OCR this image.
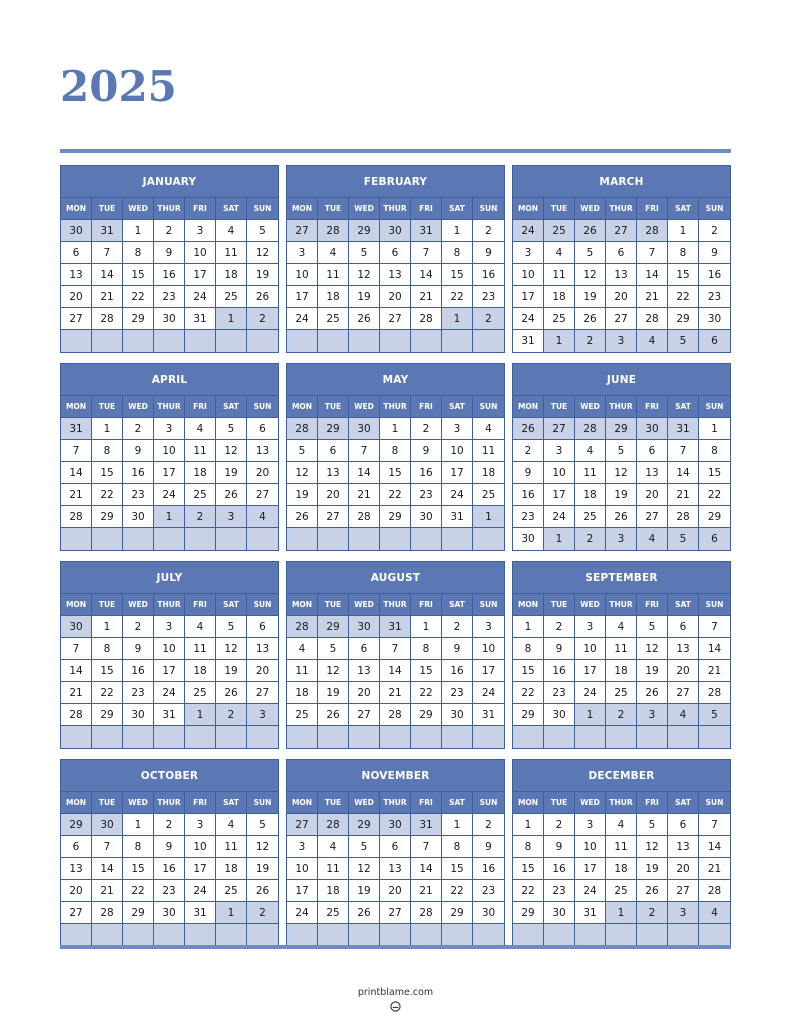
2025
JANUARY
MON	TUE	WED	THUR	FRI	SAT	SUN
30	31	1	2	3	4	5
6	7	8	9	10	11	12
13	14	15	16	17	18	19
20	21	22	23	24	25	26
27	28	29	30	31	1	2
FEBRUARY
MON	TUE	WED	THUR	FRI	SAT	SUN
27	28	29	30	31	1	2
3	4	5	6	7	8	9
10	11	12	13	14	15	16
17	18	19	20	21	22	23
24	25	26	27	28	1	2
MARCH
MON	TUE	WED	THUR	FRI	SAT	SUN
24	25	26	27	28	1	2
3	4	5	6	7	8	9
10	11	12	13	14	15	16
17	18	19	20	21	22	23
24	25	26	27	28	29	30
31	1	2	3	4	5	6
APRIL
MON	TUE	WED	THUR	FRI	SAT	SUN
31	1	2	3	4	5	6
7	8	9	10	11	12	13
14	15	16	17	18	19	20
21	22	23	24	25	26	27
28	29	30	1	2	3	4
MAY
MON	TUE	WED	THUR	FRI	SAT	SUN
28	29	30	1	2	3	4
5	6	7	8	9	10	11
12	13	14	15	16	17	18
19	20	21	22	23	24	25
26	27	28	29	30	31	1
JUNE
MON	TUE	WED	THUR	FRI	SAT	SUN
26	27	28	29	30	31	1
2	3	4	5	6	7	8
9	10	11	12	13	14	15
16	17	18	19	20	21	22
23	24	25	26	27	28	29
30	1	2	3	4	5	6
JULY
MON	TUE	WED	THUR	FRI	SAT	SUN
30	1	2	3	4	5	6
7	8	9	10	11	12	13
14	15	16	17	18	19	20
21	22	23	24	25	26	27
28	29	30	31	1	2	3
AUGUST
MON	TUE	WED	THUR	FRI	SAT	SUN
28	29	30	31	1	2	3
4	5	6	7	8	9	10
11	12	13	14	15	16	17
18	19	20	21	22	23	24
25	26	27	28	29	30	31
SEPTEMBER
MON	TUE	WED	THUR	FRI	SAT	SUN
1	2	3	4	5	6	7
8	9	10	11	12	13	14
15	16	17	18	19	20	21
22	23	24	25	26	27	28
29	30	1	2	3	4	5
OCTOBER
MON	TUE	WED	THUR	FRI	SAT	SUN
29	30	1	2	3	4	5
6	7	8	9	10	11	12
13	14	15	16	17	18	19
20	21	22	23	24	25	26
27	28	29	30	31	1	2
NOVEMBER
MON	TUE	WED	THUR	FRI	SAT	SUN
27	28	29	30	31	1	2
3	4	5	6	7	8	9
10	11	12	13	14	15	16
17	18	19	20	21	22	23
24	25	26	27	28	29	30
DECEMBER
MON	TUE	WED	THUR	FRI	SAT	SUN
1	2	3	4	5	6	7
8	9	10	11	12	13	14
15	16	17	18	19	20	21
22	23	24	25	26	27	28
29	30	31	1	2	3	4
printblame.com
